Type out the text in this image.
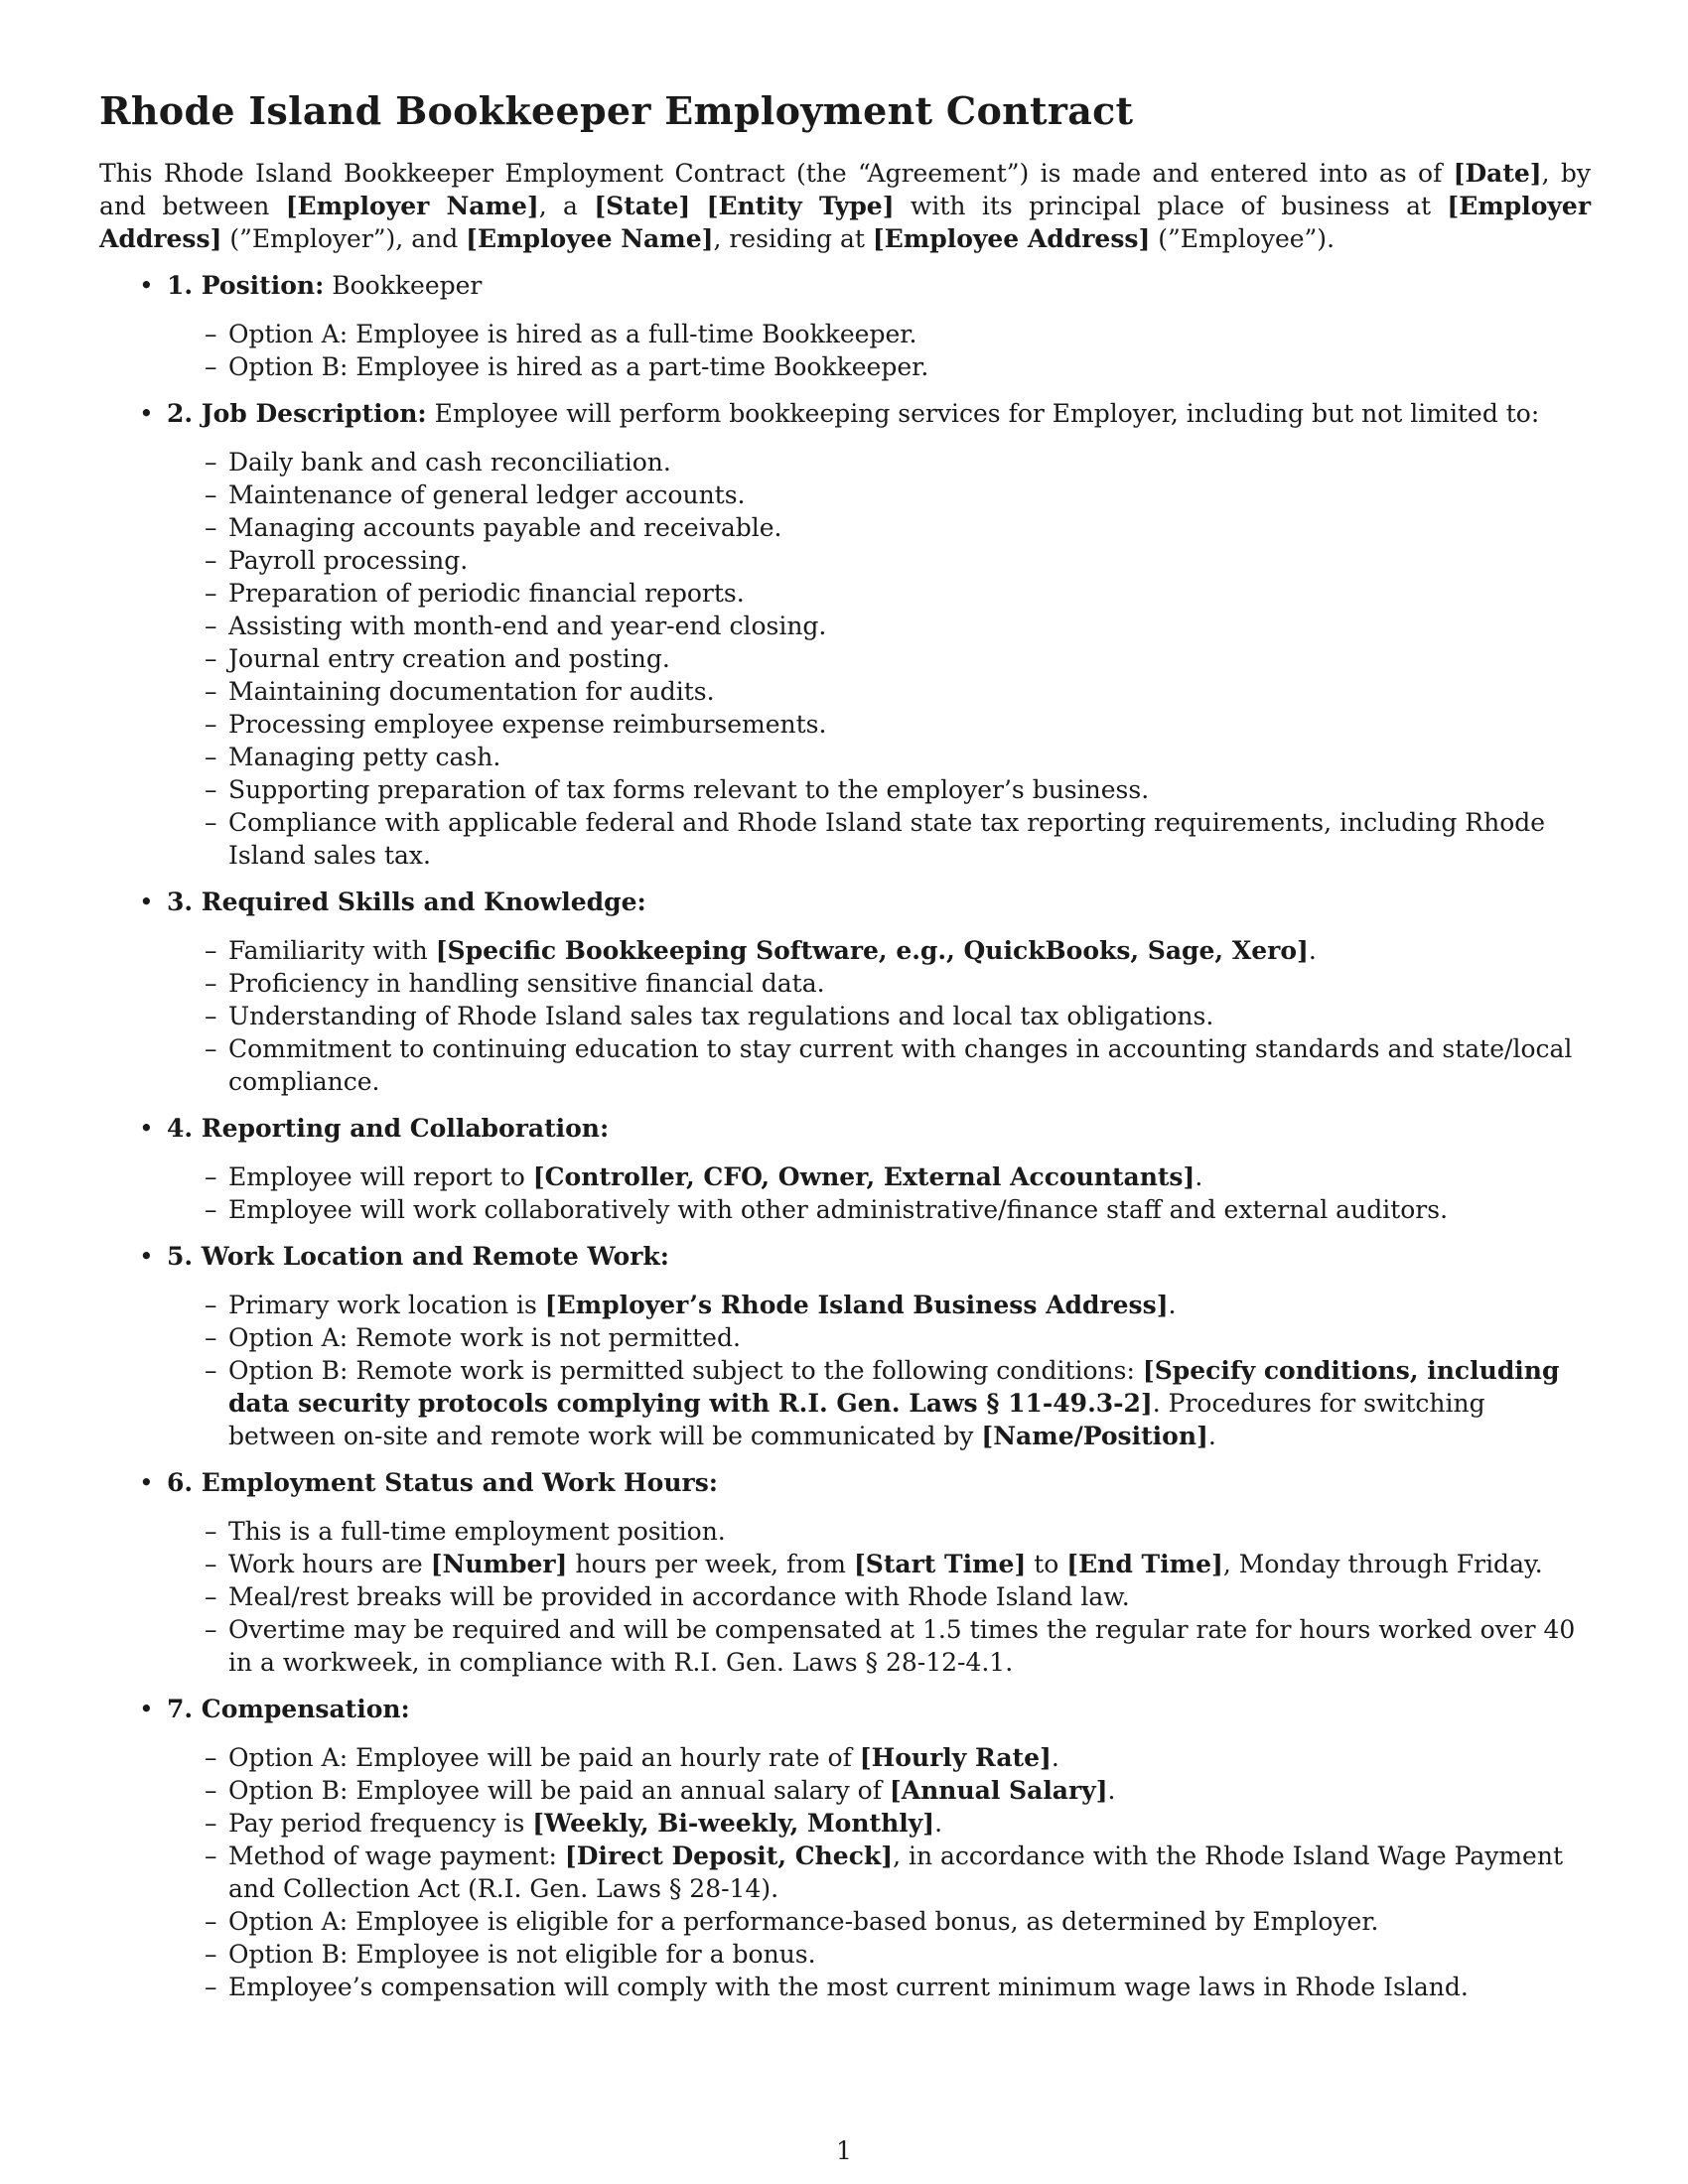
Rhode Island Bookkeeper Employment Contract

This Rhode Island Bookkeeper Employment Contract (the “Agreement”) is made and entered into as of [Date], by and between [Employer Name], a [State] [Entity Type] with its principal place of business at [Employer Address] (”Employer”), and [Employee Name], residing at [Employee Address] (”Employee”).

• 1. Position: Bookkeeper
– Option A: Employee is hired as a full-time Bookkeeper.
– Option B: Employee is hired as a part-time Bookkeeper.
• 2. Job Description: Employee will perform bookkeeping services for Employer, including but not limited to:
– Daily bank and cash reconciliation.
– Maintenance of general ledger accounts.
– Managing accounts payable and receivable.
– Payroll processing.
– Preparation of periodic financial reports.
– Assisting with month-end and year-end closing.
– Journal entry creation and posting.
– Maintaining documentation for audits.
– Processing employee expense reimbursements.
– Managing petty cash.
– Supporting preparation of tax forms relevant to the employer’s business.
– Compliance with applicable federal and Rhode Island state tax reporting requirements, including Rhode Island sales tax.
• 3. Required Skills and Knowledge:
– Familiarity with [Specific Bookkeeping Software, e.g., QuickBooks, Sage, Xero].
– Proficiency in handling sensitive financial data.
– Understanding of Rhode Island sales tax regulations and local tax obligations.
– Commitment to continuing education to stay current with changes in accounting standards and state/local compliance.
• 4. Reporting and Collaboration:
– Employee will report to [Controller, CFO, Owner, External Accountants].
– Employee will work collaboratively with other administrative/finance staff and external auditors.
• 5. Work Location and Remote Work:
– Primary work location is [Employer’s Rhode Island Business Address].
– Option A: Remote work is not permitted.
– Option B: Remote work is permitted subject to the following conditions: [Specify conditions, including data security protocols complying with R.I. Gen. Laws § 11-49.3-2]. Procedures for switching between on-site and remote work will be communicated by [Name/Position].
• 6. Employment Status and Work Hours:
– This is a full-time employment position.
– Work hours are [Number] hours per week, from [Start Time] to [End Time], Monday through Friday.
– Meal/rest breaks will be provided in accordance with Rhode Island law.
– Overtime may be required and will be compensated at 1.5 times the regular rate for hours worked over 40 in a workweek, in compliance with R.I. Gen. Laws § 28-12-4.1.
• 7. Compensation:
– Option A: Employee will be paid an hourly rate of [Hourly Rate].
– Option B: Employee will be paid an annual salary of [Annual Salary].
– Pay period frequency is [Weekly, Bi-weekly, Monthly].
– Method of wage payment: [Direct Deposit, Check], in accordance with the Rhode Island Wage Payment and Collection Act (R.I. Gen. Laws § 28-14).
– Option A: Employee is eligible for a performance-based bonus, as determined by Employer.
– Option B: Employee is not eligible for a bonus.
– Employee’s compensation will comply with the most current minimum wage laws in Rhode Island.
1
